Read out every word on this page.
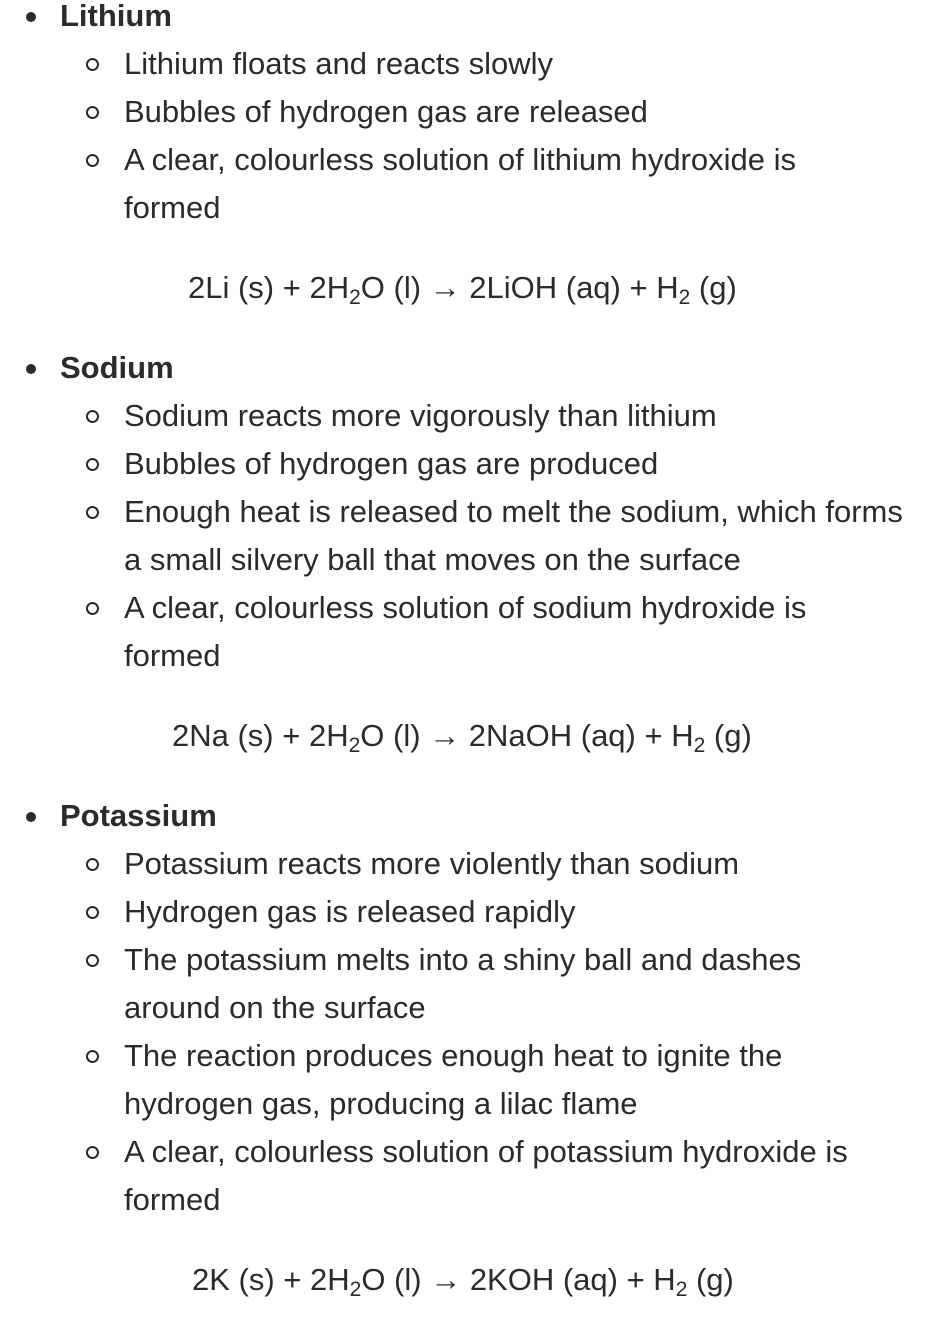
Lithium
Lithium floats and reacts slowly
Bubbles of hydrogen gas are released
A clear, colourless solution of lithium hydroxide is formed
2Li $(s) + 2H_2O$ (l) → 2LiOH $(aq) + H_2$ (g)
Sodium
Sodium reacts more vigorously than lithium
Bubbles of hydrogen gas are produced
Enough heat is released to melt the sodium, which forms a small silvery ball that moves on the surface
A clear, colourless solution of sodium hydroxide is formed
2Na $(s) + 2H_2O$ (l) → 2NaOH $(aq) + H_2$ (g)
Potassium
Potassium reacts more violently than sodium
Hydrogen gas is released rapidly
The potassium melts into a shiny ball and dashes around on the surface
The reaction produces enough heat to ignite the hydrogen gas, producing a lilac flame
A clear, colourless solution of potassium hydroxide is formed
2K $(s) + 2H_2O$ (l) → 2KOH $(aq) + H_2$ (g)
